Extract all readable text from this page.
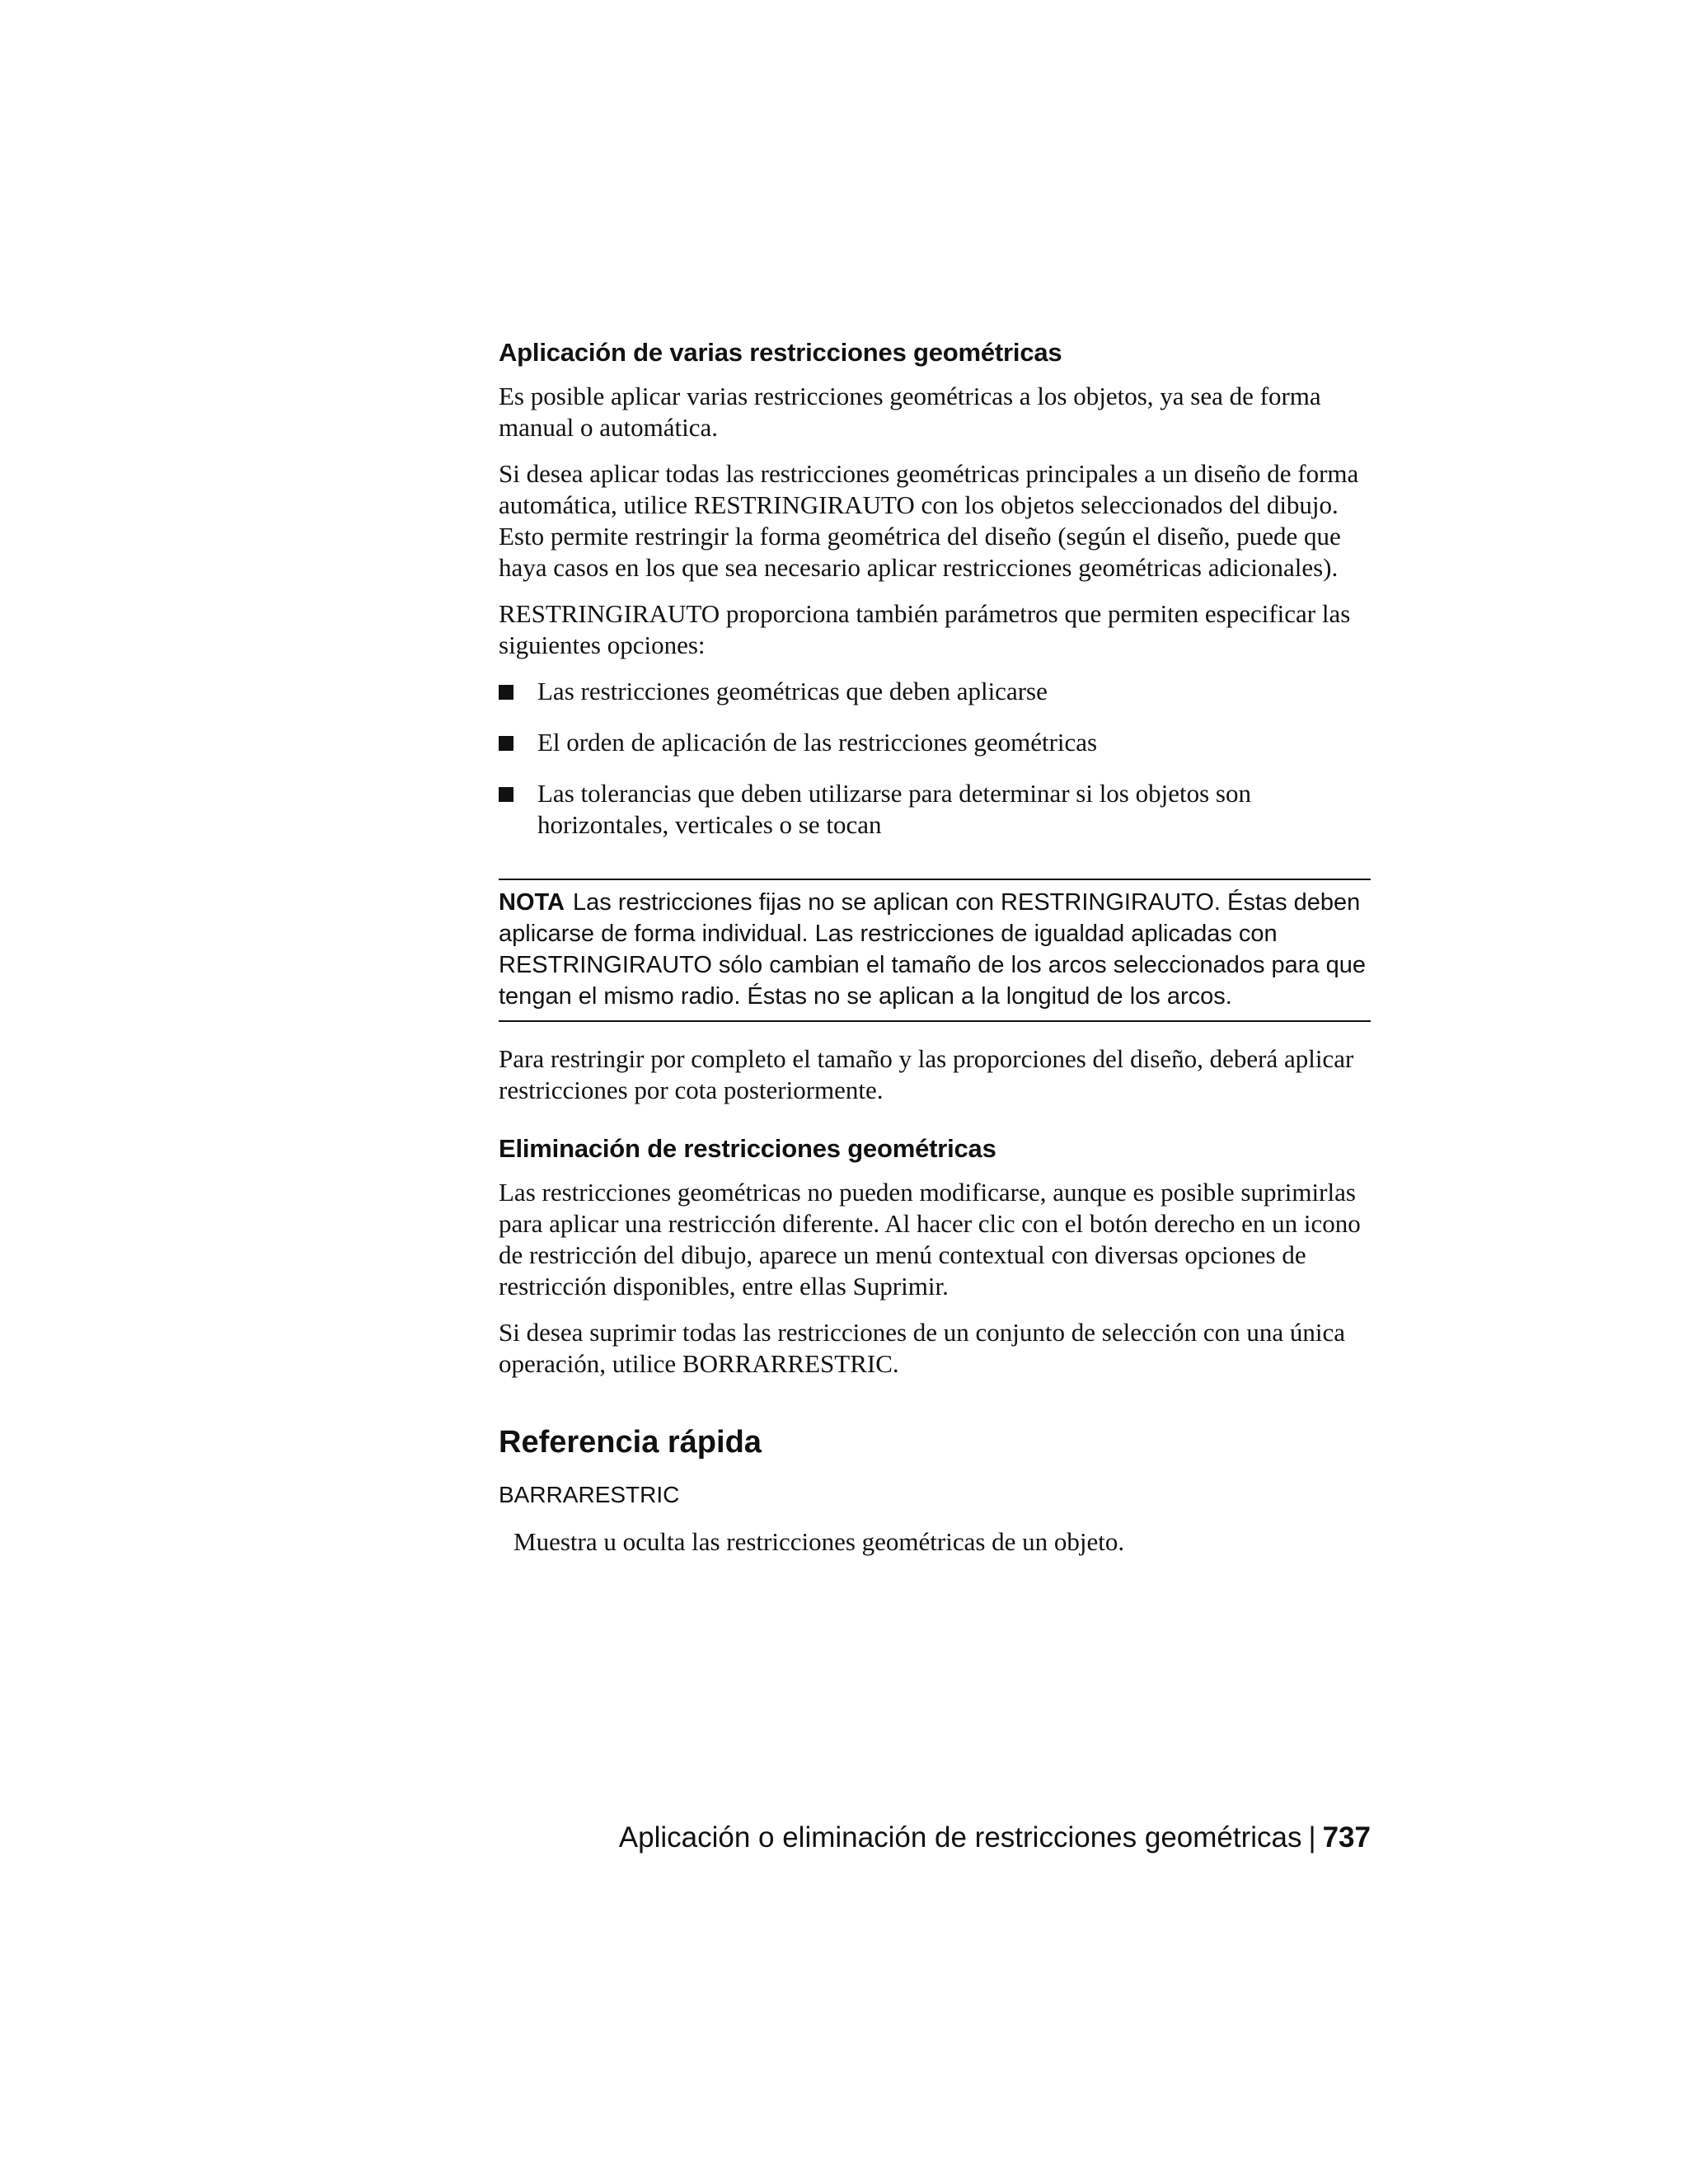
Aplicación de varias restricciones geométricas

Es posible aplicar varias restricciones geométricas a los objetos, ya sea de forma manual o automática.

Si desea aplicar todas las restricciones geométricas principales a un diseño de forma automática, utilice RESTRINGIRAUTO con los objetos seleccionados del dibujo. Esto permite restringir la forma geométrica del diseño (según el diseño, puede que haya casos en los que sea necesario aplicar restricciones geométricas adicionales).

RESTRINGIRAUTO proporciona también parámetros que permiten especificar las siguientes opciones:

Las restricciones geométricas que deben aplicarse
El orden de aplicación de las restricciones geométricas
Las tolerancias que deben utilizarse para determinar si los objetos son horizontales, verticales o se tocan
NOTA Las restricciones fijas no se aplican con RESTRINGIRAUTO. Éstas deben aplicarse de forma individual. Las restricciones de igualdad aplicadas con RESTRINGIRAUTO sólo cambian el tamaño de los arcos seleccionados para que tengan el mismo radio. Éstas no se aplican a la longitud de los arcos.

Para restringir por completo el tamaño y las proporciones del diseño, deberá aplicar restricciones por cota posteriormente.

Eliminación de restricciones geométricas

Las restricciones geométricas no pueden modificarse, aunque es posible suprimirlas para aplicar una restricción diferente. Al hacer clic con el botón derecho en un icono de restricción del dibujo, aparece un menú contextual con diversas opciones de restricción disponibles, entre ellas Suprimir.

Si desea suprimir todas las restricciones de un conjunto de selección con una única operación, utilice BORRARRESTRIC.

Referencia rápida
BARRARESTRIC

Muestra u oculta las restricciones geométricas de un objeto.

Aplicación o eliminación de restricciones geométricas | 737
